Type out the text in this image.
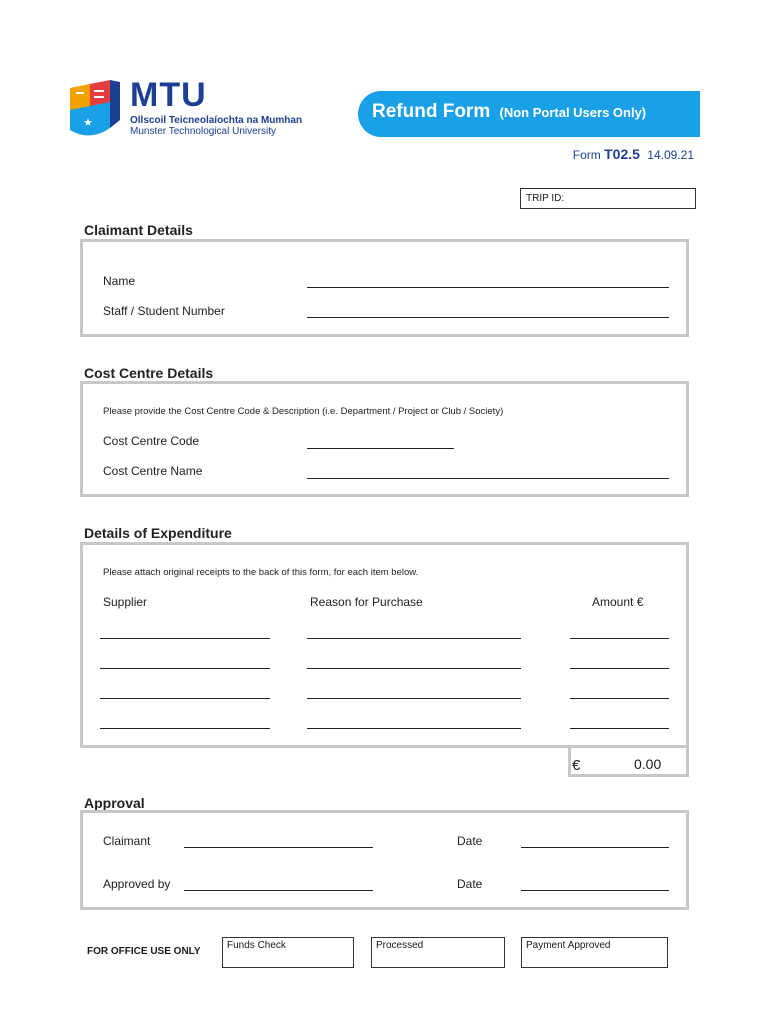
MTU
Ollscoil Teicneolaíochta na Mumhan
Munster Technological University
Refund Form (Non Portal Users Only)
Form T02.5 14.09.21
TRIP ID:
Claimant Details
Name
Staff / Student Number
Cost Centre Details
Please provide the Cost Centre Code & Description (i.e. Department / Project or Club / Society)
Cost Centre Code
Cost Centre Name
Details of Expenditure
Please attach original receipts to the back of this form, for each item below.
Supplier	Reason for Purchase	Amount €
€	0.00
Approval
Claimant	Date
Approved by	Date
FOR OFFICE USE ONLY
Funds Check	Processed	Payment Approved
